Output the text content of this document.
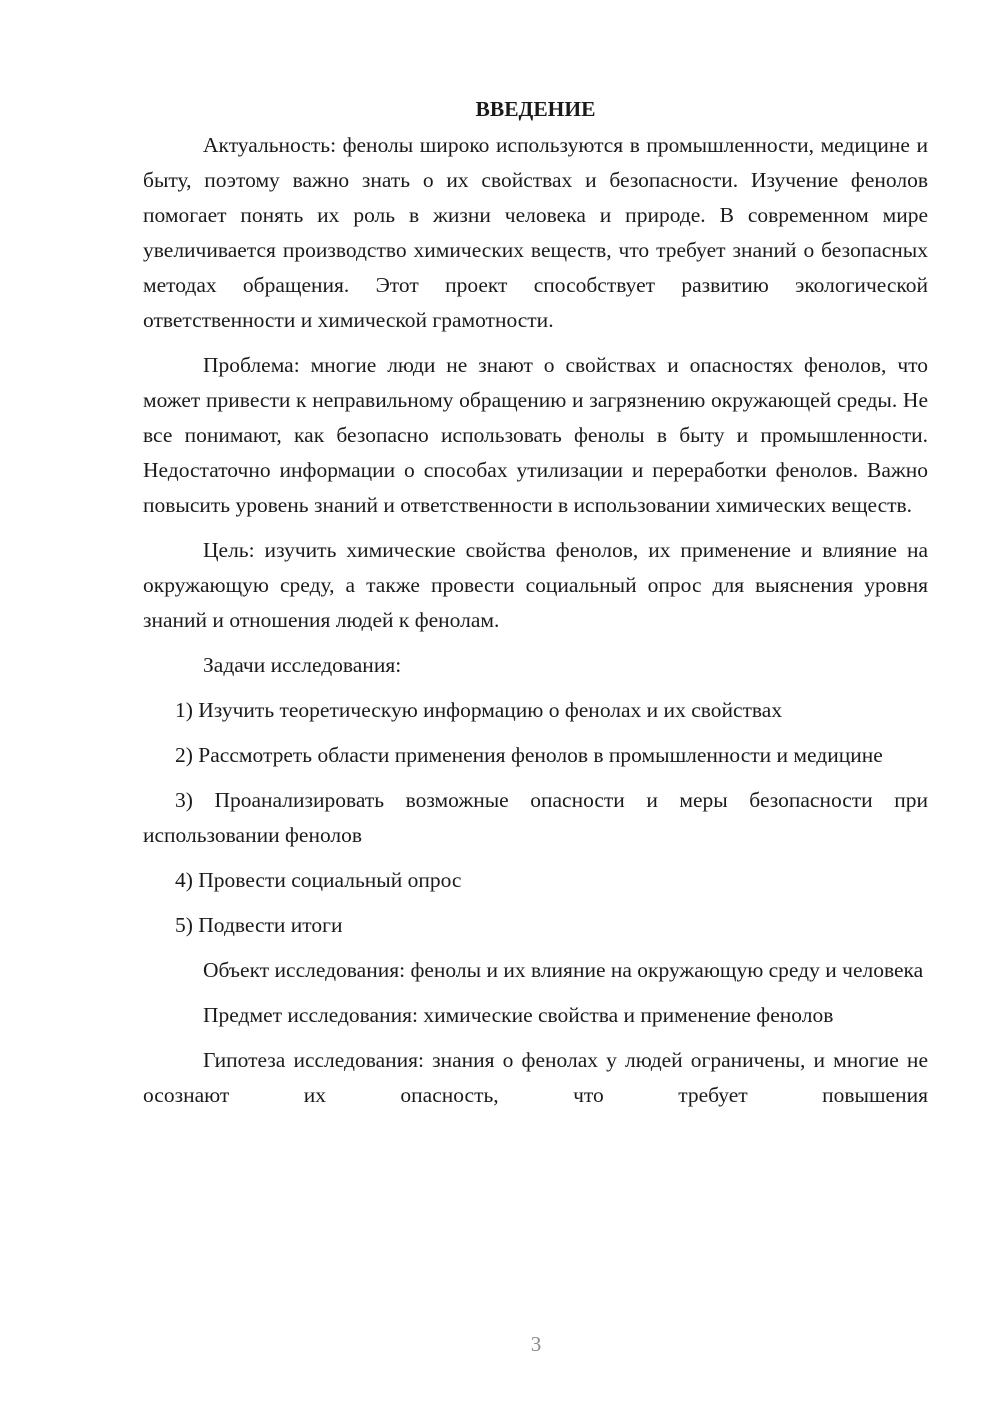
ВВЕДЕНИЕ

Актуальность: фенолы широко используются в промышленности, медицине и быту, поэтому важно знать о их свойствах и безопасности. Изучение фенолов помогает понять их роль в жизни человека и природе. В современном мире увеличивается производство химических веществ, что требует знаний о безопасных методах обращения. Этот проект способствует развитию экологической ответственности и химической грамотности.

Проблема: многие люди не знают о свойствах и опасностях фенолов, что может привести к неправильному обращению и загрязнению окружающей среды. Не все понимают, как безопасно использовать фенолы в быту и промышленности. Недостаточно информации о способах утилизации и переработки фенолов. Важно повысить уровень знаний и ответственности в использовании химических веществ.

Цель: изучить химические свойства фенолов, их применение и влияние на окружающую среду, а также провести социальный опрос для выяснения уровня знаний и отношения людей к фенолам.

Задачи исследования:

1) Изучить теоретическую информацию о фенолах и их свойствах

2) Рассмотреть области применения фенолов в промышленности и медицине

3) Проанализировать возможные опасности и меры безопасности при использовании фенолов

4) Провести социальный опрос

5) Подвести итоги

Объект исследования: фенолы и их влияние на окружающую среду и человека

Предмет исследования: химические свойства и применение фенолов

Гипотеза исследования: знания о фенолах у людей ограничены, и многие не осознают их опасность, что требует повышения

3
